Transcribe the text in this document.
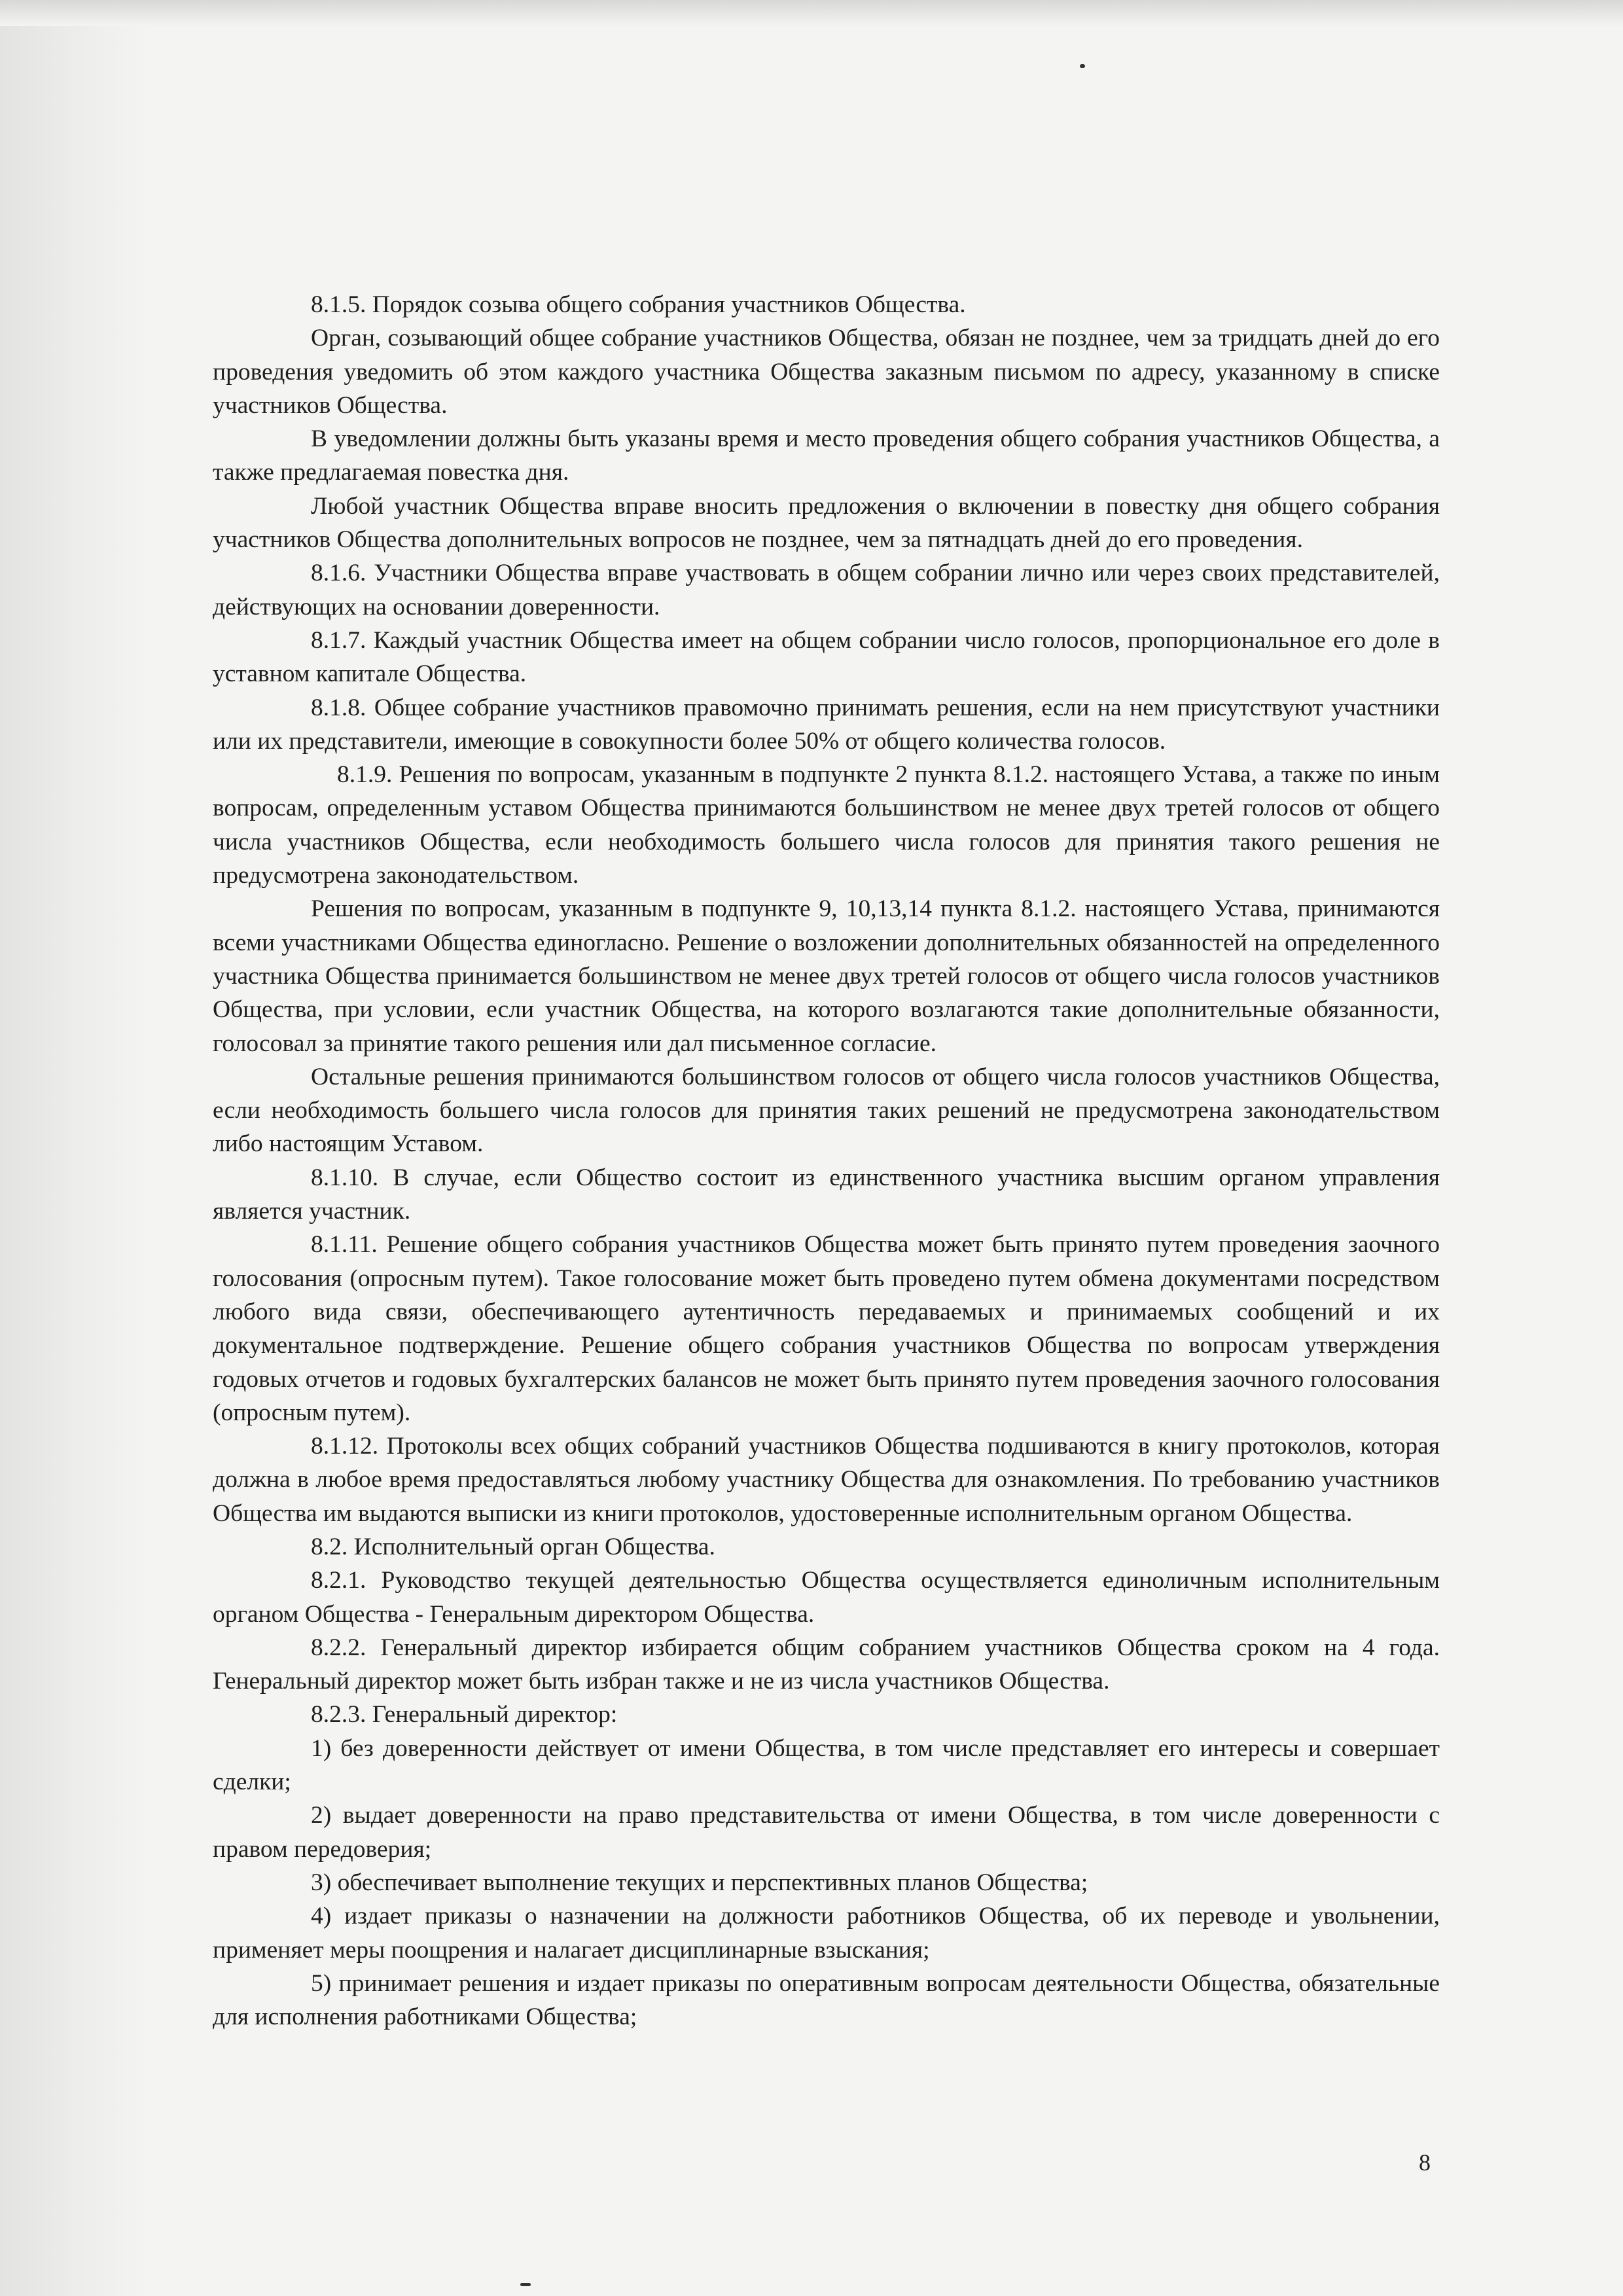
8.1.5. Порядок созыва общего собрания участников Общества.

Орган, созывающий общее собрание участников Общества, обязан не позднее, чем за тридцать дней до его проведения уведомить об этом каждого участника Общества заказным письмом по адресу, указанному в списке участников Общества.

В уведомлении должны быть указаны время и место проведения общего собрания участников Общества, а также предлагаемая повестка дня.

Любой участник Общества вправе вносить предложения о включении в повестку дня общего собрания участников Общества дополнительных вопросов не позднее, чем за пятнадцать дней до его проведения.

8.1.6. Участники Общества вправе участвовать в общем собрании лично или через своих представителей, действующих на основании доверенности.

8.1.7. Каждый участник Общества имеет на общем собрании число голосов, пропорциональное его доле в уставном капитале Общества.

8.1.8. Общее собрание участников правомочно принимать решения, если на нем присутствуют участники или их представители, имеющие в совокупности более 50% от общего количества голосов.

8.1.9. Решения по вопросам, указанным в подпункте 2 пункта 8.1.2. настоящего Устава, а также по иным вопросам, определенным уставом Общества принимаются большинством не менее двух третей голосов от общего числа участников Общества, если необходимость большего числа голосов для принятия такого решения не предусмотрена законодательством.

Решения по вопросам, указанным в подпункте 9, 10,13,14 пункта 8.1.2. настоящего Устава, принимаются всеми участниками Общества единогласно. Решение о возложении дополнительных обязанностей на определенного участника Общества принимается большинством не менее двух третей голосов от общего числа голосов участников Общества, при условии, если участник Общества, на которого возлагаются такие дополнительные обязанности, голосовал за принятие такого решения или дал письменное согласие.

Остальные решения принимаются большинством голосов от общего числа голосов участников Общества, если необходимость большего числа голосов для принятия таких решений не предусмотрена законодательством либо настоящим Уставом.

8.1.10. В случае, если Общество состоит из единственного участника высшим органом управления является участник.

8.1.11. Решение общего собрания участников Общества может быть принято путем проведения заочного голосования (опросным путем). Такое голосование может быть проведено путем обмена документами посредством любого вида связи, обеспечивающего аутентичность передаваемых и принимаемых сообщений и их документальное подтверждение. Решение общего собрания участников Общества по вопросам утверждения годовых отчетов и годовых бухгалтерских балансов не может быть принято путем проведения заочного голосования (опросным путем).

8.1.12. Протоколы всех общих собраний участников Общества подшиваются в книгу протоколов, которая должна в любое время предоставляться любому участнику Общества для ознакомления. По требованию участников Общества им выдаются выписки из книги протоколов, удостоверенные исполнительным органом Общества.

8.2. Исполнительный орган Общества.

8.2.1. Руководство текущей деятельностью Общества осуществляется единоличным исполнительным органом Общества - Генеральным директором Общества.

8.2.2. Генеральный директор избирается общим собранием участников Общества сроком на 4 года. Генеральный директор может быть избран также и не из числа участников Общества.

8.2.3. Генеральный директор:

1) без доверенности действует от имени Общества, в том числе представляет его интересы и совершает сделки;

2) выдает доверенности на право представительства от имени Общества, в том числе доверенности с правом передоверия;

3) обеспечивает выполнение текущих и перспективных планов Общества;

4) издает приказы о назначении на должности работников Общества, об их переводе и увольнении, применяет меры поощрения и налагает дисциплинарные взыскания;

5) принимает решения и издает приказы по оперативным вопросам деятельности Общества, обязательные для исполнения работниками Общества;

8
